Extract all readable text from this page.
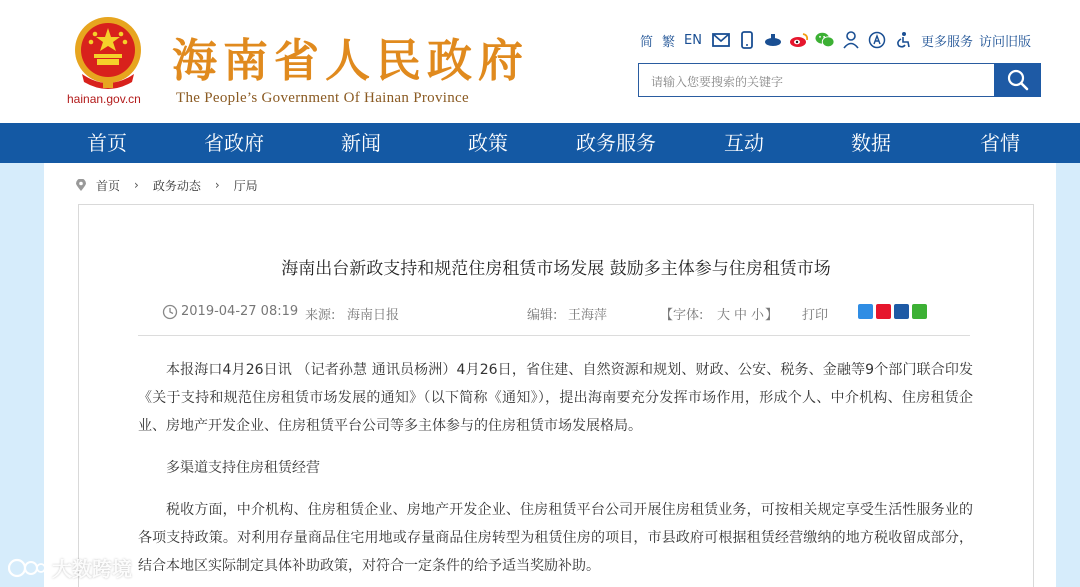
hainan.gov.cn
海南省人民政府
The People’s Government Of Hainan Province
简 繁 EN	更多服务 访问旧版
请输入您要搜索的关键字
首页	省政府	新闻	政策	政务服务	互动	数据	省情
首页 › 政务动态 › 厅局
海南出台新政支持和规范住房租赁市场发展 鼓励多主体参与住房租赁市场
2019-04-27 08:19 来源: 海南日报	编辑: 王海萍	【字体: 大 中 小 】 打印

本报海口4月26日讯 （记者孙慧 通讯员杨洲）4月26日，省住建、自然资源和规划、财政、公安、税务、金融等9个部门联合印发《关于支持和规范住房租赁市场发展的通知》（以下简称《通知》），提出海南要充分发挥市场作用，形成个人、中介机构、住房租赁企业、房地产开发企业、住房租赁平台公司等多主体参与的住房租赁市场发展格局。

多渠道支持住房租赁经营

税收方面，中介机构、住房租赁企业、房地产开发企业、住房租赁平台公司开展住房租赁业务，可按相关规定享受生活性服务业的各项支持政策。对利用存量商品住宅用地或存量商品住房转型为租赁住房的项目，市县政府可根据租赁经营缴纳的地方税收留成部分，结合本地区实际制定具体补助政策，对符合一定条件的给予适当奖励补助。

大数跨境
